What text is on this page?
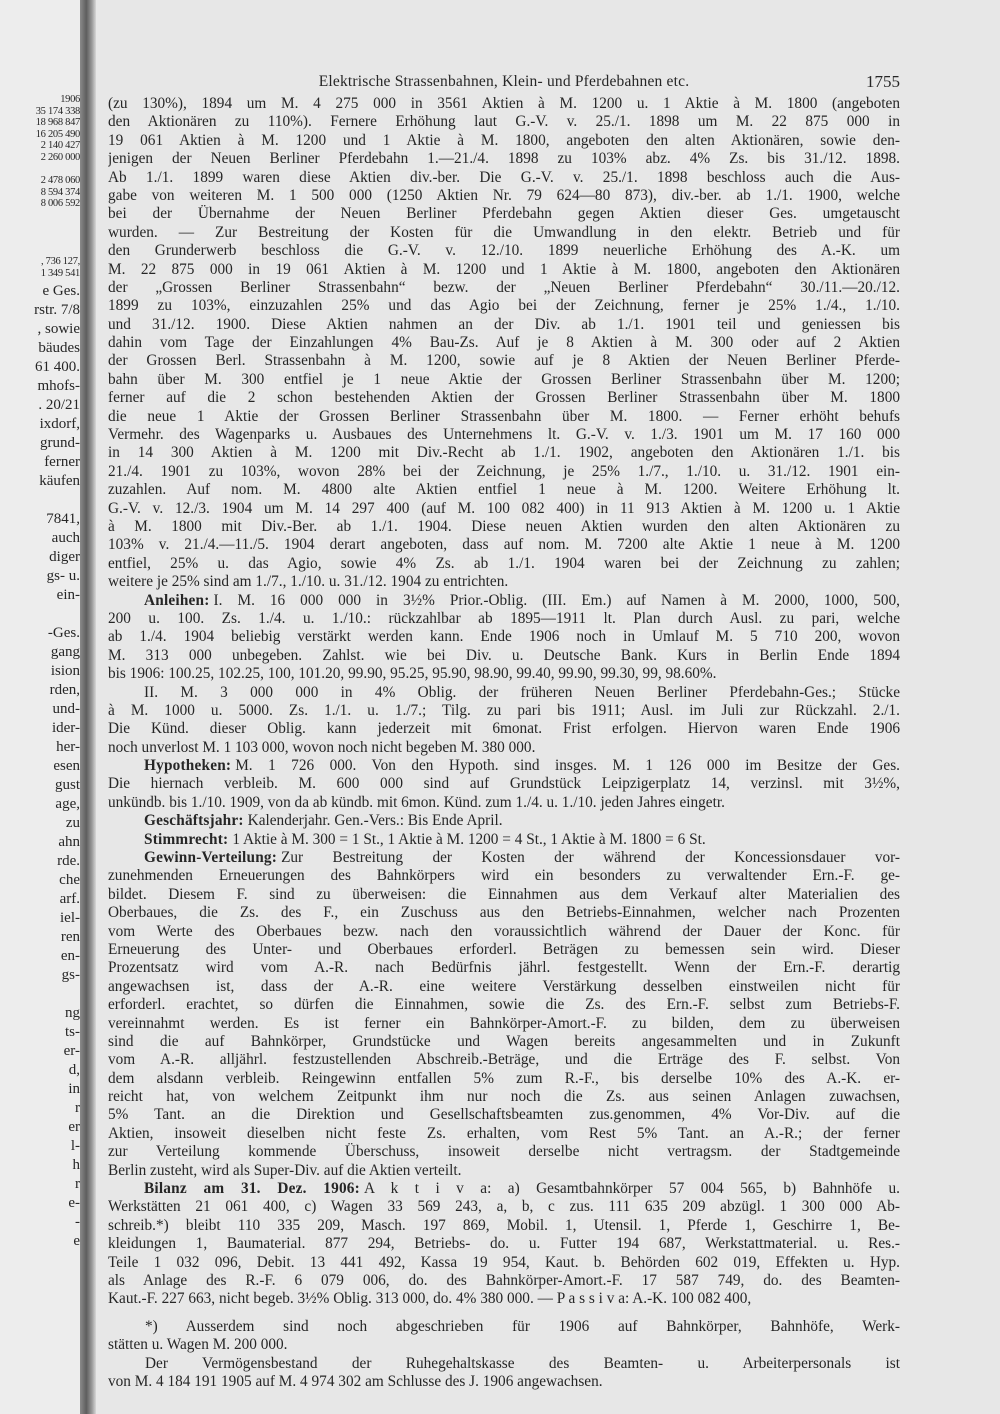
1906
35 174 338
18 968 847
16 205 490
2 140 427
2 260 000
2 478 060
8 594 374
8 006 592
, 736 127,
1 349 541
e Ges.
rstr. 7/8
, sowie
bäudes
61 400.
mhofs-
. 20/21
ixdorf,
grund-
ferner
käufen
7841,
auch
diger
gs- u.
ein-
-Ges.
gang
ision
rden,
und-
ider-
her-
esen
gust
age,
zu
ahn
rde.
che
arf.
iel-
ren
en-
gs-
ng
ts-
er-
d,
in
r
er
l-
h
r
e-
-
e
Elektrische Strassenbahnen, Klein- und Pferdebahnen etc.	1755
(zu 130%), 1894 um M. 4 275 000 in 3561 Aktien à M. 1200 u. 1 Aktie à M. 1800 (angeboten
den Aktionären zu 110%). Fernere Erhöhung laut G.-V. v. 25./1. 1898 um M. 22 875 000 in
19 061 Aktien à M. 1200 und 1 Aktie à M. 1800, angeboten den alten Aktionären, sowie den-
jenigen der Neuen Berliner Pferdebahn 1.—21./4. 1898 zu 103% abz. 4% Zs. bis 31./12. 1898.
Ab 1./1. 1899 waren diese Aktien div.-ber. Die G.-V. v. 25./1. 1898 beschloss auch die Aus-
gabe von weiteren M. 1 500 000 (1250 Aktien Nr. 79 624—80 873), div.-ber. ab 1./1. 1900, welche
bei der Übernahme der Neuen Berliner Pferdebahn gegen Aktien dieser Ges. umgetauscht
wurden. — Zur Bestreitung der Kosten für die Umwandlung in den elektr. Betrieb und für
den Grunderwerb beschloss die G.-V. v. 12./10. 1899 neuerliche Erhöhung des A.-K. um
M. 22 875 000 in 19 061 Aktien à M. 1200 und 1 Aktie à M. 1800, angeboten den Aktionären
der „Grossen Berliner Strassenbahn“ bezw. der „Neuen Berliner Pferdebahn“ 30./11.—20./12.
1899 zu 103%, einzuzahlen 25% und das Agio bei der Zeichnung, ferner je 25% 1./4., 1./10.
und 31./12. 1900. Diese Aktien nahmen an der Div. ab 1./1. 1901 teil und geniessen bis
dahin vom Tage der Einzahlungen 4% Bau-Zs. Auf je 8 Aktien à M. 300 oder auf 2 Aktien
der Grossen Berl. Strassenbahn à M. 1200, sowie auf je 8 Aktien der Neuen Berliner Pferde-
bahn über M. 300 entfiel je 1 neue Aktie der Grossen Berliner Strassenbahn über M. 1200;
ferner auf die 2 schon bestehenden Aktien der Grossen Berliner Strassenbahn über M. 1800
die neue 1 Aktie der Grossen Berliner Strassenbahn über M. 1800. — Ferner erhöht behufs
Vermehr. des Wagenparks u. Ausbaues des Unternehmens lt. G.-V. v. 1./3. 1901 um M. 17 160 000
in 14 300 Aktien à M. 1200 mit Div.-Recht ab 1./1. 1902, angeboten den Aktionären 1./1. bis
21./4. 1901 zu 103%, wovon 28% bei der Zeichnung, je 25% 1./7., 1./10. u. 31./12. 1901 ein-
zuzahlen. Auf nom. M. 4800 alte Aktien entfiel 1 neue à M. 1200. Weitere Erhöhung lt.
G.-V. v. 12./3. 1904 um M. 14 297 400 (auf M. 100 082 400) in 11 913 Aktien à M. 1200 u. 1 Aktie
à M. 1800 mit Div.-Ber. ab 1./1. 1904. Diese neuen Aktien wurden den alten Aktionären zu
103% v. 21./4.—11./5. 1904 derart angeboten, dass auf nom. M. 7200 alte Aktie 1 neue à M. 1200
entfiel, 25% u. das Agio, sowie 4% Zs. ab 1./1. 1904 waren bei der Zeichnung zu zahlen;
weitere je 25% sind am 1./7., 1./10. u. 31./12. 1904 zu entrichten.
Anleihen: I. M. 16 000 000 in 3½% Prior.-Oblig. (III. Em.) auf Namen à M. 2000, 1000, 500,
200 u. 100. Zs. 1./4. u. 1./10.: rückzahlbar ab 1895—1911 lt. Plan durch Ausl. zu pari, welche
ab 1./4. 1904 beliebig verstärkt werden kann. Ende 1906 noch in Umlauf M. 5 710 200, wovon
M. 313 000 unbegeben. Zahlst. wie bei Div. u. Deutsche Bank. Kurs in Berlin Ende 1894
bis 1906: 100.25, 102.25, 100, 101.20, 99.90, 95.25, 95.90, 98.90, 99.40, 99.90, 99.30, 99, 98.60%.
II. M. 3 000 000 in 4% Oblig. der früheren Neuen Berliner Pferdebahn-Ges.; Stücke
à M. 1000 u. 5000. Zs. 1./1. u. 1./7.; Tilg. zu pari bis 1911; Ausl. im Juli zur Rückzahl. 2./1.
Die Künd. dieser Oblig. kann jederzeit mit 6monat. Frist erfolgen. Hiervon waren Ende 1906
noch unverlost M. 1 103 000, wovon noch nicht begeben M. 380 000.
Hypotheken: M. 1 726 000. Von den Hypoth. sind insges. M. 1 126 000 im Besitze der Ges.
Die hiernach verbleib. M. 600 000 sind auf Grundstück Leipzigerplatz 14, verzinsl. mit 3½%,
unkündb. bis 1./10. 1909, von da ab kündb. mit 6mon. Künd. zum 1./4. u. 1./10. jeden Jahres eingetr.
Geschäftsjahr: Kalenderjahr. Gen.-Vers.: Bis Ende April.
Stimmrecht: 1 Aktie à M. 300 = 1 St., 1 Aktie à M. 1200 = 4 St., 1 Aktie à M. 1800 = 6 St.
Gewinn-Verteilung: Zur Bestreitung der Kosten der während der Koncessionsdauer vor-
zunehmenden Erneuerungen des Bahnkörpers wird ein besonders zu verwaltender Ern.-F. ge-
bildet. Diesem F. sind zu überweisen: die Einnahmen aus dem Verkauf alter Materialien des
Oberbaues, die Zs. des F., ein Zuschuss aus den Betriebs-Einnahmen, welcher nach Prozenten
vom Werte des Oberbaues bezw. nach den voraussichtlich während der Dauer der Konc. für
Erneuerung des Unter- und Oberbaues erforderl. Beträgen zu bemessen sein wird. Dieser
Prozentsatz wird vom A.-R. nach Bedürfnis jährl. festgestellt. Wenn der Ern.-F. derartig
angewachsen ist, dass der A.-R. eine weitere Verstärkung desselben einstweilen nicht für
erforderl. erachtet, so dürfen die Einnahmen, sowie die Zs. des Ern.-F. selbst zum Betriebs-F.
vereinnahmt werden. Es ist ferner ein Bahnkörper-Amort.-F. zu bilden, dem zu überweisen
sind die auf Bahnkörper, Grundstücke und Wagen bereits angesammelten und in Zukunft
vom A.-R. alljährl. festzustellenden Abschreib.-Beträge, und die Erträge des F. selbst. Von
dem alsdann verbleib. Reingewinn entfallen 5% zum R.-F., bis derselbe 10% des A.-K. er-
reicht hat, von welchem Zeitpunkt ihm nur noch die Zs. aus seinen Anlagen zuwachsen,
5% Tant. an die Direktion und Gesellschaftsbeamten zus.genommen, 4% Vor-Div. auf die
Aktien, insoweit dieselben nicht feste Zs. erhalten, vom Rest 5% Tant. an A.-R.; der ferner
zur Verteilung kommende Überschuss, insoweit derselbe nicht vertragsm. der Stadtgemeinde
Berlin zusteht, wird als Super-Div. auf die Aktien verteilt.
Bilanz am 31. Dez. 1906: A k t i v a: a) Gesamtbahnkörper 57 004 565, b) Bahnhöfe u.
Werkstätten 21 061 400, c) Wagen 33 569 243, a, b, c zus. 111 635 209 abzügl. 1 300 000 Ab-
schreib.*) bleibt 110 335 209, Masch. 197 869, Mobil. 1, Utensil. 1, Pferde 1, Geschirre 1, Be-
kleidungen 1, Baumaterial. 877 294, Betriebs- do. u. Futter 194 687, Werkstattmaterial. u. Res.-
Teile 1 032 096, Debit. 13 441 492, Kassa 19 954, Kaut. b. Behörden 602 019, Effekten u. Hyp.
als Anlage des R.-F. 6 079 006, do. des Bahnkörper-Amort.-F. 17 587 749, do. des Beamten-
Kaut.-F. 227 663, nicht begeb. 3½% Oblig. 313 000, do. 4% 380 000. — P a s s i v a: A.-K. 100 082 400,
*) Ausserdem sind noch abgeschrieben für 1906 auf Bahnkörper, Bahnhöfe, Werk-
stätten u. Wagen M. 200 000.
Der Vermögensbestand der Ruhegehaltskasse des Beamten- u. Arbeiterpersonals ist
von M. 4 184 191 1905 auf M. 4 974 302 am Schlusse des J. 1906 angewachsen.
